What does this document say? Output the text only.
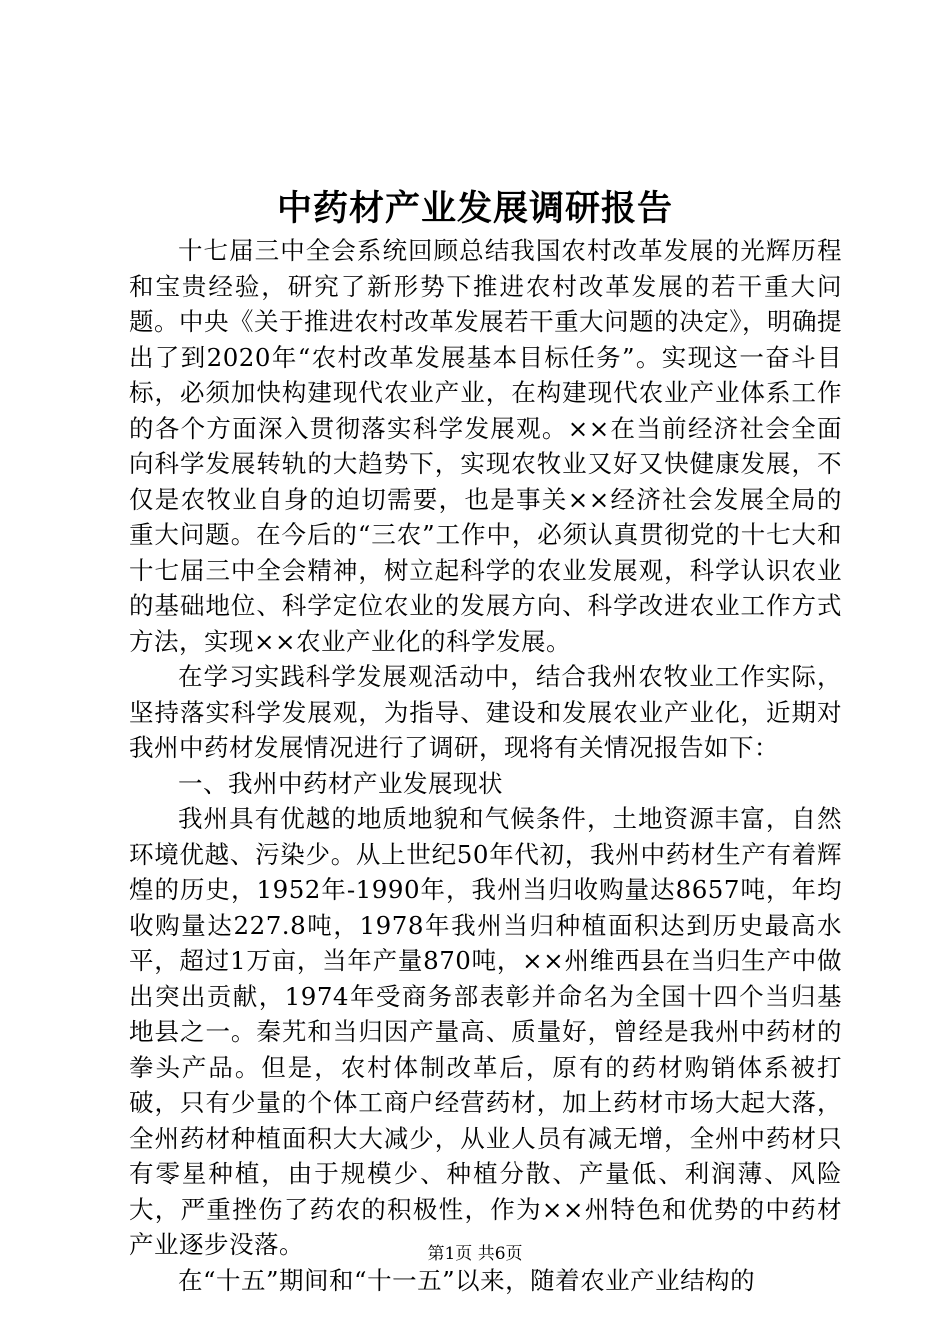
中药材产业发展调研报告

十七届三中全会系统回顾总结我国农村改革发展的光辉历程和宝贵经验，研究了新形势下推进农村改革发展的若干重大问题。中央《关于推进农村改革发展若干重大问题的决定》，明确提出了到2020年“农村改革发展基本目标任务”。实现这一奋斗目标，必须加快构建现代农业产业，在构建现代农业产业体系工作的各个方面深入贯彻落实科学发展观。××在当前经济社会全面向科学发展转轨的大趋势下，实现农牧业又好又快健康发展，不仅是农牧业自身的迫切需要，也是事关××经济社会发展全局的重大问题。在今后的“三农”工作中，必须认真贯彻党的十七大和十七届三中全会精神，树立起科学的农业发展观，科学认识农业的基础地位、科学定位农业的发展方向、科学改进农业工作方式方法，实现××农业产业化的科学发展。

在学习实践科学发展观活动中，结合我州农牧业工作实际，坚持落实科学发展观，为指导、建设和发展农业产业化，近期对我州中药材发展情况进行了调研，现将有关情况报告如下：

一、我州中药材产业发展现状

我州具有优越的地质地貌和气候条件，土地资源丰富，自然环境优越、污染少。从上世纪50年代初，我州中药材生产有着辉煌的历史，1952年-1990年，我州当归收购量达8657吨，年均收购量达227.8吨，1978年我州当归种植面积达到历史最高水平，超过1万亩，当年产量870吨，××州维西县在当归生产中做出突出贡献，1974年受商务部表彰并命名为全国十四个当归基地县之一。秦艽和当归因产量高、质量好，曾经是我州中药材的拳头产品。但是，农村体制改革后，原有的药材购销体系被打破，只有少量的个体工商户经营药材，加上药材市场大起大落，全州药材种植面积大大减少，从业人员有减无增，全州中药材只有零星种植，由于规模少、种植分散、产量低、利润薄、风险大，严重挫伤了药农的积极性，作为××州特色和优势的中药材产业逐步没落。

在“十五”期间和“十一五”以来，随着农业产业结构的

第1页 共6页
